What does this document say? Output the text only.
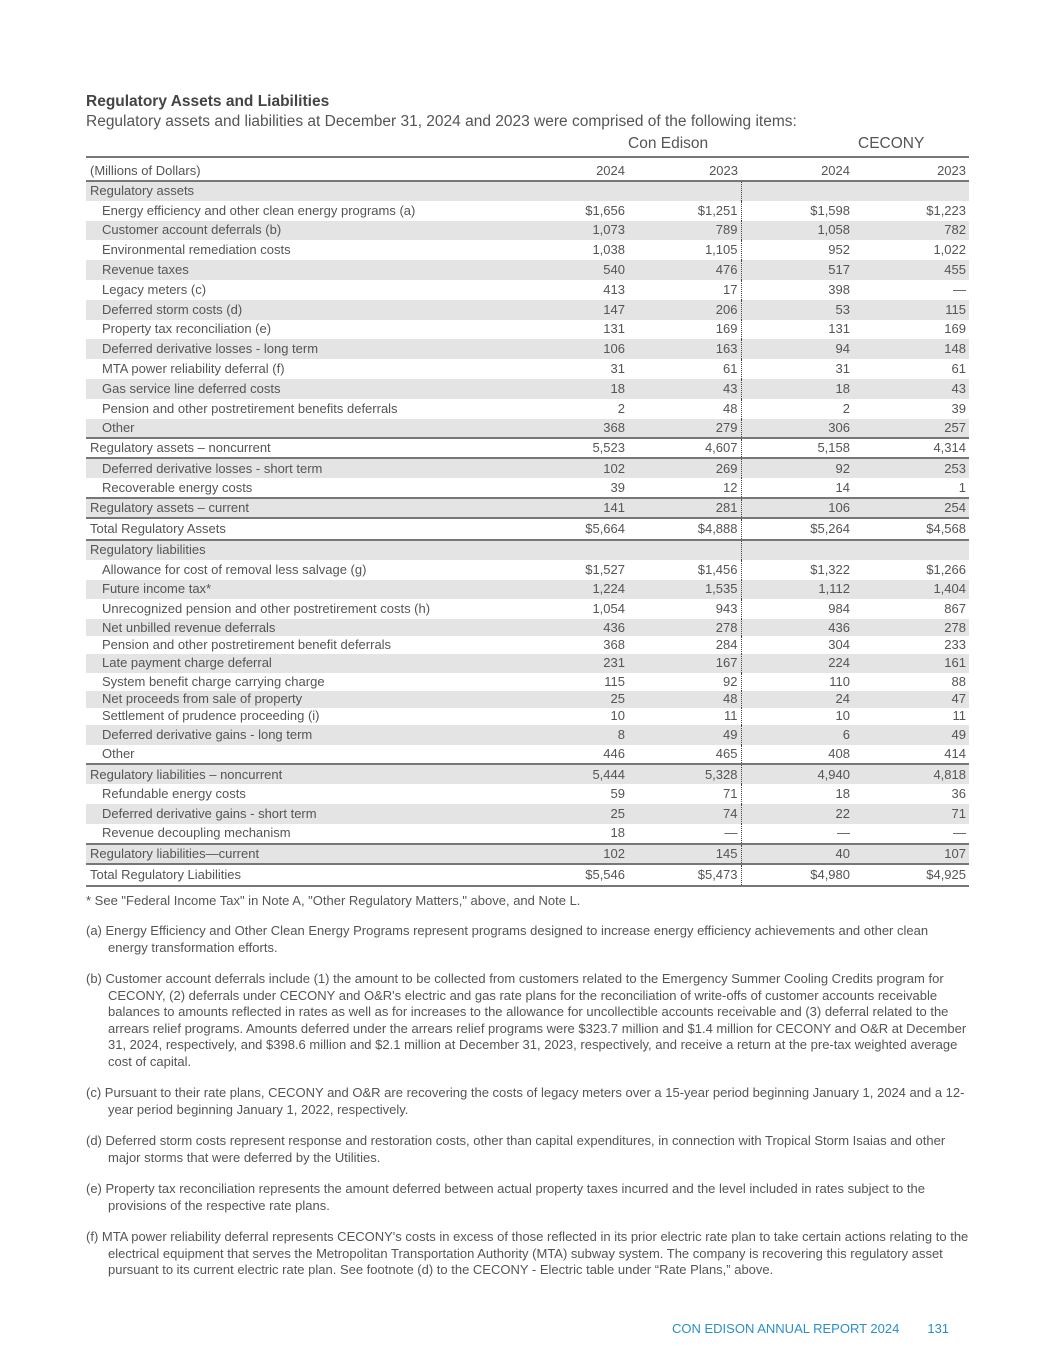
Regulatory Assets and Liabilities
Regulatory assets and liabilities at December 31, 2024 and 2023 were comprised of the following items:
Con Edison	CECONY
(Millions of Dollars)	2024	2023	2024	2023
Regulatory assets				
Energy efficiency and other clean energy programs (a)	$1,656	$1,251	$1,598	$1,223
Customer account deferrals (b)	1,073	789	1,058	782
Environmental remediation costs	1,038	1,105	952	1,022
Revenue taxes	540	476	517	455
Legacy meters (c)	413	17	398	—
Deferred storm costs (d)	147	206	53	115
Property tax reconciliation (e)	131	169	131	169
Deferred derivative losses - long term	106	163	94	148
MTA power reliability deferral (f)	31	61	31	61
Gas service line deferred costs	18	43	18	43
Pension and other postretirement benefits deferrals	2	48	2	39
Other	368	279	306	257
Regulatory assets – noncurrent	5,523	4,607	5,158	4,314
Deferred derivative losses - short term	102	269	92	253
Recoverable energy costs	39	12	14	1
Regulatory assets – current	141	281	106	254
Total Regulatory Assets	$5,664	$4,888	$5,264	$4,568
Regulatory liabilities				
Allowance for cost of removal less salvage (g)	$1,527	$1,456	$1,322	$1,266
Future income tax*	1,224	1,535	1,112	1,404
Unrecognized pension and other postretirement costs (h)	1,054	943	984	867
Net unbilled revenue deferrals	436	278	436	278
Pension and other postretirement benefit deferrals	368	284	304	233
Late payment charge deferral	231	167	224	161
System benefit charge carrying charge	115	92	110	88
Net proceeds from sale of property	25	48	24	47
Settlement of prudence proceeding (i)	10	11	10	11
Deferred derivative gains - long term	8	49	6	49
Other	446	465	408	414
Regulatory liabilities – noncurrent	5,444	5,328	4,940	4,818
Refundable energy costs	59	71	18	36
Deferred derivative gains - short term	25	74	22	71
Revenue decoupling mechanism	18	—	—	—
Regulatory liabilities—current	102	145	40	107
Total Regulatory Liabilities	$5,546	$5,473	$4,980	$4,925

* See "Federal Income Tax" in Note A, "Other Regulatory Matters," above, and Note L.

(a) Energy Efficiency and Other Clean Energy Programs represent programs designed to increase energy efficiency achievements and other clean energy transformation efforts.

(b) Customer account deferrals include (1) the amount to be collected from customers related to the Emergency Summer Cooling Credits program for CECONY, (2) deferrals under CECONY and O&R's electric and gas rate plans for the reconciliation of write-offs of customer accounts receivable balances to amounts reflected in rates as well as for increases to the allowance for uncollectible accounts receivable and (3) deferral related to the arrears relief programs. Amounts deferred under the arrears relief programs were $323.7 million and $1.4 million for CECONY and O&R at December 31, 2024, respectively, and $398.6 million and $2.1 million at December 31, 2023, respectively, and receive a return at the pre-tax weighted average cost of capital.

(c) Pursuant to their rate plans, CECONY and O&R are recovering the costs of legacy meters over a 15-year period beginning January 1, 2024 and a 12-year period beginning January 1, 2022, respectively.

(d) Deferred storm costs represent response and restoration costs, other than capital expenditures, in connection with Tropical Storm Isaias and other major storms that were deferred by the Utilities.

(e) Property tax reconciliation represents the amount deferred between actual property taxes incurred and the level included in rates subject to the provisions of the respective rate plans.

(f) MTA power reliability deferral represents CECONY's costs in excess of those reflected in its prior electric rate plan to take certain actions relating to the electrical equipment that serves the Metropolitan Transportation Authority (MTA) subway system. The company is recovering this regulatory asset pursuant to its current electric rate plan. See footnote (d) to the CECONY - Electric table under “Rate Plans,” above.

CON EDISON ANNUAL REPORT 2024 131
